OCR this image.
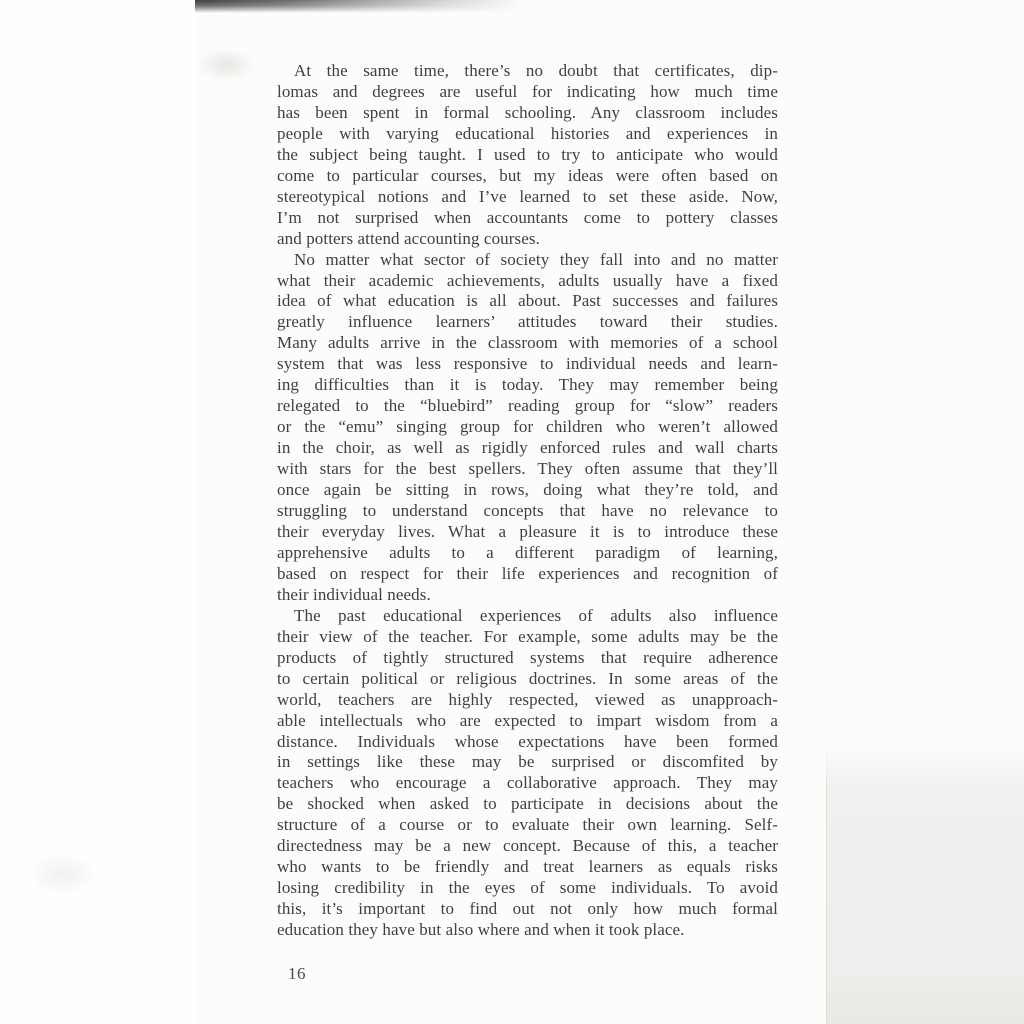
At the same time, there’s no doubt that certificates, dip-
lomas and degrees are useful for indicating how much time
has been spent in formal schooling. Any classroom includes
people with varying educational histories and experiences in
the subject being taught. I used to try to anticipate who would
come to particular courses, but my ideas were often based on
stereotypical notions and I’ve learned to set these aside. Now,
I’m not surprised when accountants come to pottery classes
and potters attend accounting courses.
No matter what sector of society they fall into and no matter
what their academic achievements, adults usually have a fixed
idea of what education is all about. Past successes and failures
greatly influence learners’ attitudes toward their studies.
Many adults arrive in the classroom with memories of a school
system that was less responsive to individual needs and learn-
ing difficulties than it is today. They may remember being
relegated to the “bluebird” reading group for “slow” readers
or the “emu” singing group for children who weren’t allowed
in the choir, as well as rigidly enforced rules and wall charts
with stars for the best spellers. They often assume that they’ll
once again be sitting in rows, doing what they’re told, and
struggling to understand concepts that have no relevance to
their everyday lives. What a pleasure it is to introduce these
apprehensive adults to a different paradigm of learning,
based on respect for their life experiences and recognition of
their individual needs.
The past educational experiences of adults also influence
their view of the teacher. For example, some adults may be the
products of tightly structured systems that require adherence
to certain political or religious doctrines. In some areas of the
world, teachers are highly respected, viewed as unapproach-
able intellectuals who are expected to impart wisdom from a
distance. Individuals whose expectations have been formed
in settings like these may be surprised or discomfited by
teachers who encourage a collaborative approach. They may
be shocked when asked to participate in decisions about the
structure of a course or to evaluate their own learning. Self-
directedness may be a new concept. Because of this, a teacher
who wants to be friendly and treat learners as equals risks
losing credibility in the eyes of some individuals. To avoid
this, it’s important to find out not only how much formal
education they have but also where and when it took place.
16
